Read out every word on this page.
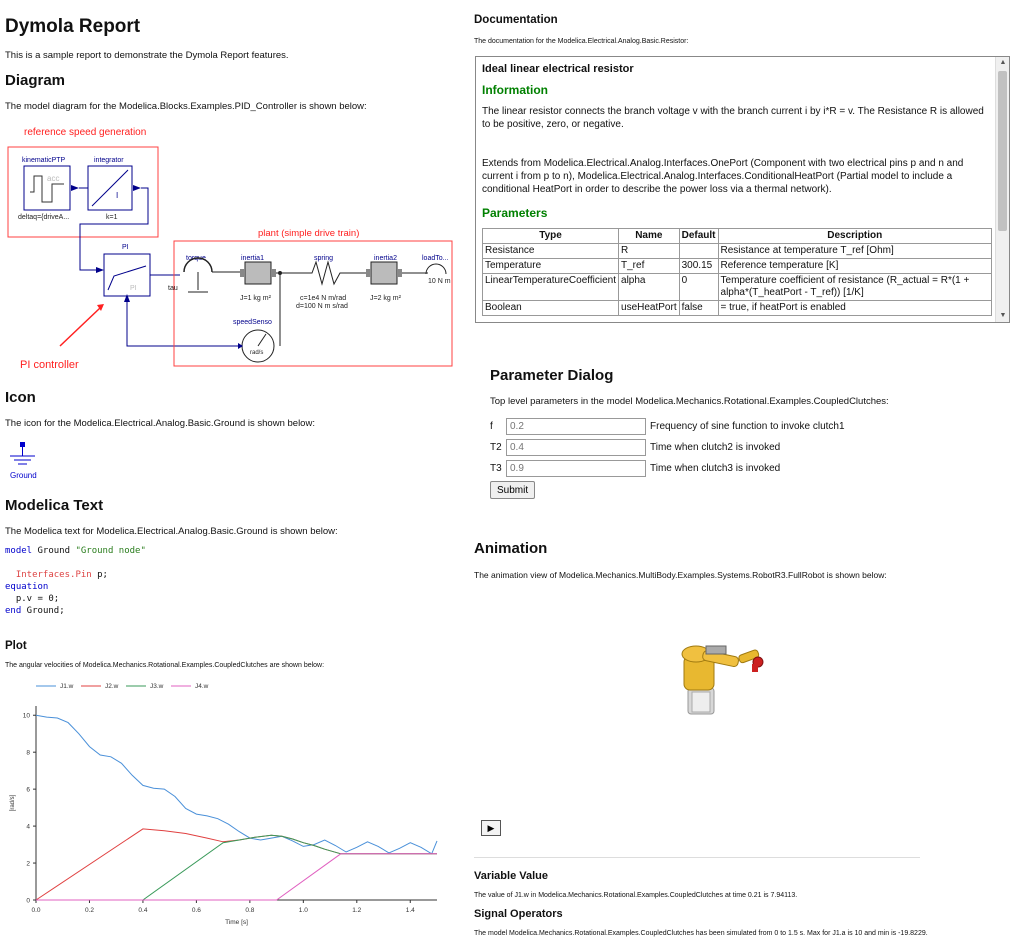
Dymola Report
This is a sample report to demonstrate the Dymola Report features.
Diagram
The model diagram for the Modelica.Blocks.Examples.PID_Controller is shown below:
reference speed generation
kinematicPTP
acc
deltaq={driveA...
integrator
I
k=1
PI
PI
plant (simple drive train)
torque
tau
inertia1
J=1 kg m²
spring
c=1e4 N m/rad
d=100 N m s/rad
inertia2
J=2 kg m²
loadTo...
10 N m
speedSenso
rad/s
PI controller
Icon
The icon for the Modelica.Electrical.Analog.Basic.Ground is shown below:
Ground
Modelica Text
The Modelica text for Modelica.Electrical.Analog.Basic.Ground is shown below:
model Ground "Ground node"

Interfaces.Pin p;
equation
p.v = 0;
end Ground;
Plot
The angular velocities of Modelica.Mechanics.Rotational.Examples.CoupledClutches are shown below:
J1.w	J2.w	J3.w	J4.w
0.0	0.2	0.4	0.6	0.8	1.0	1.2	1.4
0
2
4
6
8
10
Time [s]
[rad/s]
Documentation
The documentation for the Modelica.Electrical.Analog.Basic.Resistor:
Ideal linear electrical resistor
Information

The linear resistor connects the branch voltage v with the branch current i by i*R = v. The Resistance R is allowed to be positive, zero, or negative.

Extends from Modelica.Electrical.Analog.Interfaces.OnePort (Component with two electrical pins p and n and current i from p to n), Modelica.Electrical.Analog.Interfaces.ConditionalHeatPort (Partial model to include a conditional HeatPort in order to describe the power loss via a thermal network).

Parameters
Type	Name	Default	Description
Resistance	R		Resistance at temperature T_ref [Ohm]
Temperature	T_ref	300.15	Reference temperature [K]
LinearTemperatureCoefficient	alpha	0	Temperature coefficient of resistance (R_actual = R*(1 + alpha*(T_heatPort - T_ref)) [1/K]
Boolean	useHeatPort	false	= true, if heatPort is enabled
▲
▼
Parameter Dialog
Top level parameters in the model Modelica.Mechanics.Rotational.Examples.CoupledClutches:
f
0.2	Frequency of sine function to invoke clutch1
T2
0.4	Time when clutch2 is invoked
T3
0.9	Time when clutch3 is invoked
Submit
Animation
The animation view of Modelica.Mechanics.MultiBody.Examples.Systems.RobotR3.FullRobot is shown below:
▶
Variable Value
The value of J1.w in Modelica.Mechanics.Rotational.Examples.CoupledClutches at time 0.21 is 7.94113.
Signal Operators
The model Modelica.Mechanics.Rotational.Examples.CoupledClutches has been simulated from 0 to 1.5 s. Max for J1.a is 10 and min is -19.8229.
